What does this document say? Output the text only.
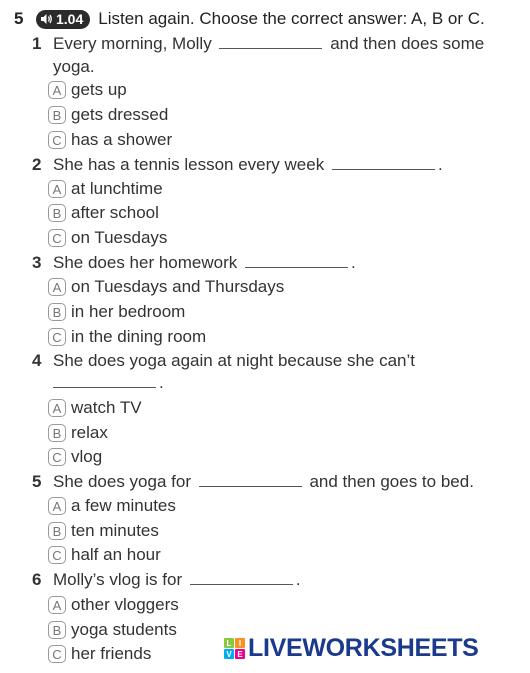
5	1.04 Listen again. Choose the correct answer: A, B or C.
1 Every morning, Molly	and then does some
yoga.
A gets up
B gets dressed
C has a shower
2 She has a tennis lesson every week	.
A at lunchtime
B after school
C on Tuesdays
3 She does her homework	.
A on Tuesdays and Thursdays
B in her bedroom
C in the dining room
4 She does yoga again at night because she can’t
.
A watch TV
B relax
C vlog
5 She does yoga for	and then goes to bed.
A a few minutes
B ten minutes
C half an hour
6 Molly’s vlog is for	.
A other vloggers
B yoga students
C her friends
L I
V E LIVEWORKSHEETS
